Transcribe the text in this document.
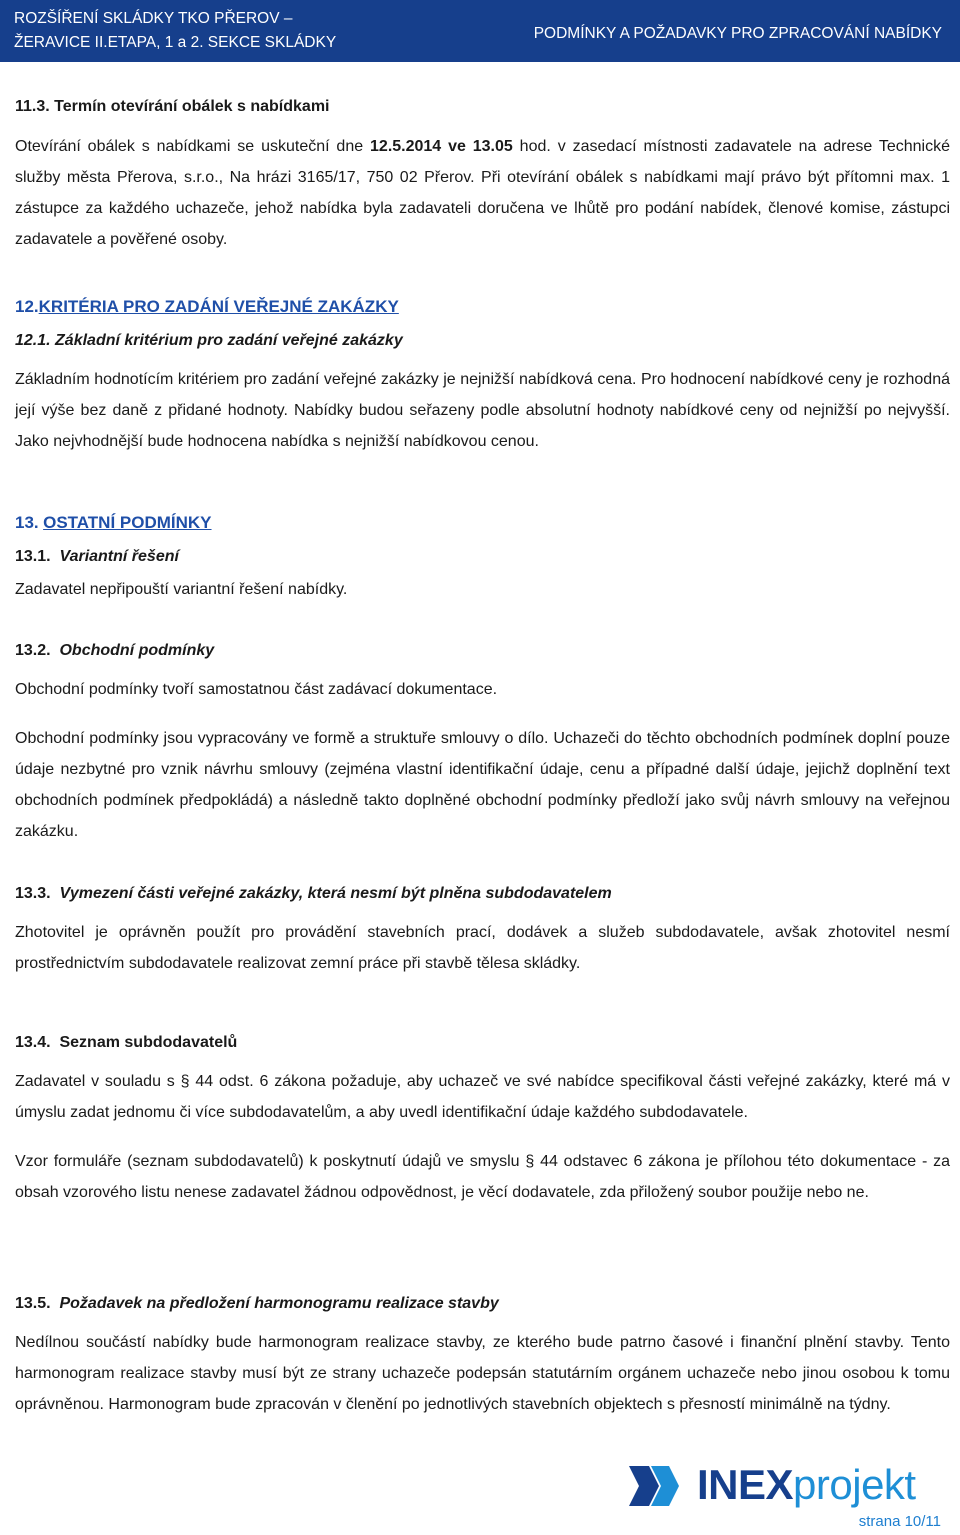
ROZŠÍŘENÍ SKLÁDKY TKO PŘEROV –
ŽERAVICE II.ETAPA, 1 a 2. SEKCE SKLÁDKY
PODMÍNKY A POŽADAVKY PRO ZPRACOVÁNÍ NABÍDKY
11.3. Termín otevírání obálek s nabídkami
Otevírání obálek s nabídkami se uskuteční dne 12.5.2014 ve 13.05 hod. v zasedací místnosti zadavatele na adrese Technické služby města Přerova, s.r.o., Na hrázi 3165/17, 750 02 Přerov. Při otevírání obálek s nabídkami mají právo být přítomni max. 1 zástupce za každého uchazeče, jehož nabídka byla zadavateli doručena ve lhůtě pro podání nabídek, členové komise, zástupci zadavatele a pověřené osoby.
12.KRITÉRIA PRO ZADÁNÍ VEŘEJNÉ ZAKÁZKY
12.1. Základní kritérium pro zadání veřejné zakázky
Základním hodnotícím kritériem pro zadání veřejné zakázky je nejnižší nabídková cena. Pro hodnocení nabídkové ceny je rozhodná její výše bez daně z přidané hodnoty. Nabídky budou seřazeny podle absolutní hodnoty nabídkové ceny od nejnižší po nejvyšší. Jako nejvhodnější bude hodnocena nabídka s nejnižší nabídkovou cenou.
13. OSTATNÍ PODMÍNKY
13.1. Variantní řešení
Zadavatel nepřipouští variantní řešení nabídky.
13.2. Obchodní podmínky
Obchodní podmínky tvoří samostatnou část zadávací dokumentace.
Obchodní podmínky jsou vypracovány ve formě a struktuře smlouvy o dílo. Uchazeči do těchto obchodních podmínek doplní pouze údaje nezbytné pro vznik návrhu smlouvy (zejména vlastní identifikační údaje, cenu a případné další údaje, jejichž doplnění text obchodních podmínek předpokládá) a následně takto doplněné obchodní podmínky předloží jako svůj návrh smlouvy na veřejnou zakázku.
13.3. Vymezení části veřejné zakázky, která nesmí být plněna subdodavatelem
Zhotovitel je oprávněn použít pro provádění stavebních prací, dodávek a služeb subdodavatele, avšak zhotovitel nesmí prostřednictvím subdodavatele realizovat zemní práce při stavbě tělesa skládky.
13.4. Seznam subdodavatelů
Zadavatel v souladu s § 44 odst. 6 zákona požaduje, aby uchazeč ve své nabídce specifikoval části veřejné zakázky, které má v úmyslu zadat jednomu či více subdodavatelům, a aby uvedl identifikační údaje každého subdodavatele.
Vzor formuláře (seznam subdodavatelů) k poskytnutí údajů ve smyslu § 44 odstavec 6 zákona je přílohou této dokumentace - za obsah vzorového listu nenese zadavatel žádnou odpovědnost, je věcí dodavatele, zda přiložený soubor použije nebo ne.
13.5. Požadavek na předložení harmonogramu realizace stavby
Nedílnou součástí nabídky bude harmonogram realizace stavby, ze kterého bude patrno časové i finanční plnění stavby. Tento harmonogram realizace stavby musí být ze strany uchazeče podepsán statutárním orgánem uchazeče nebo jinou osobou k tomu oprávněnou. Harmonogram bude zpracován v členění po jednotlivých stavebních objektech s přesností minimálně na týdny.
INEXprojekt
strana 10/11
